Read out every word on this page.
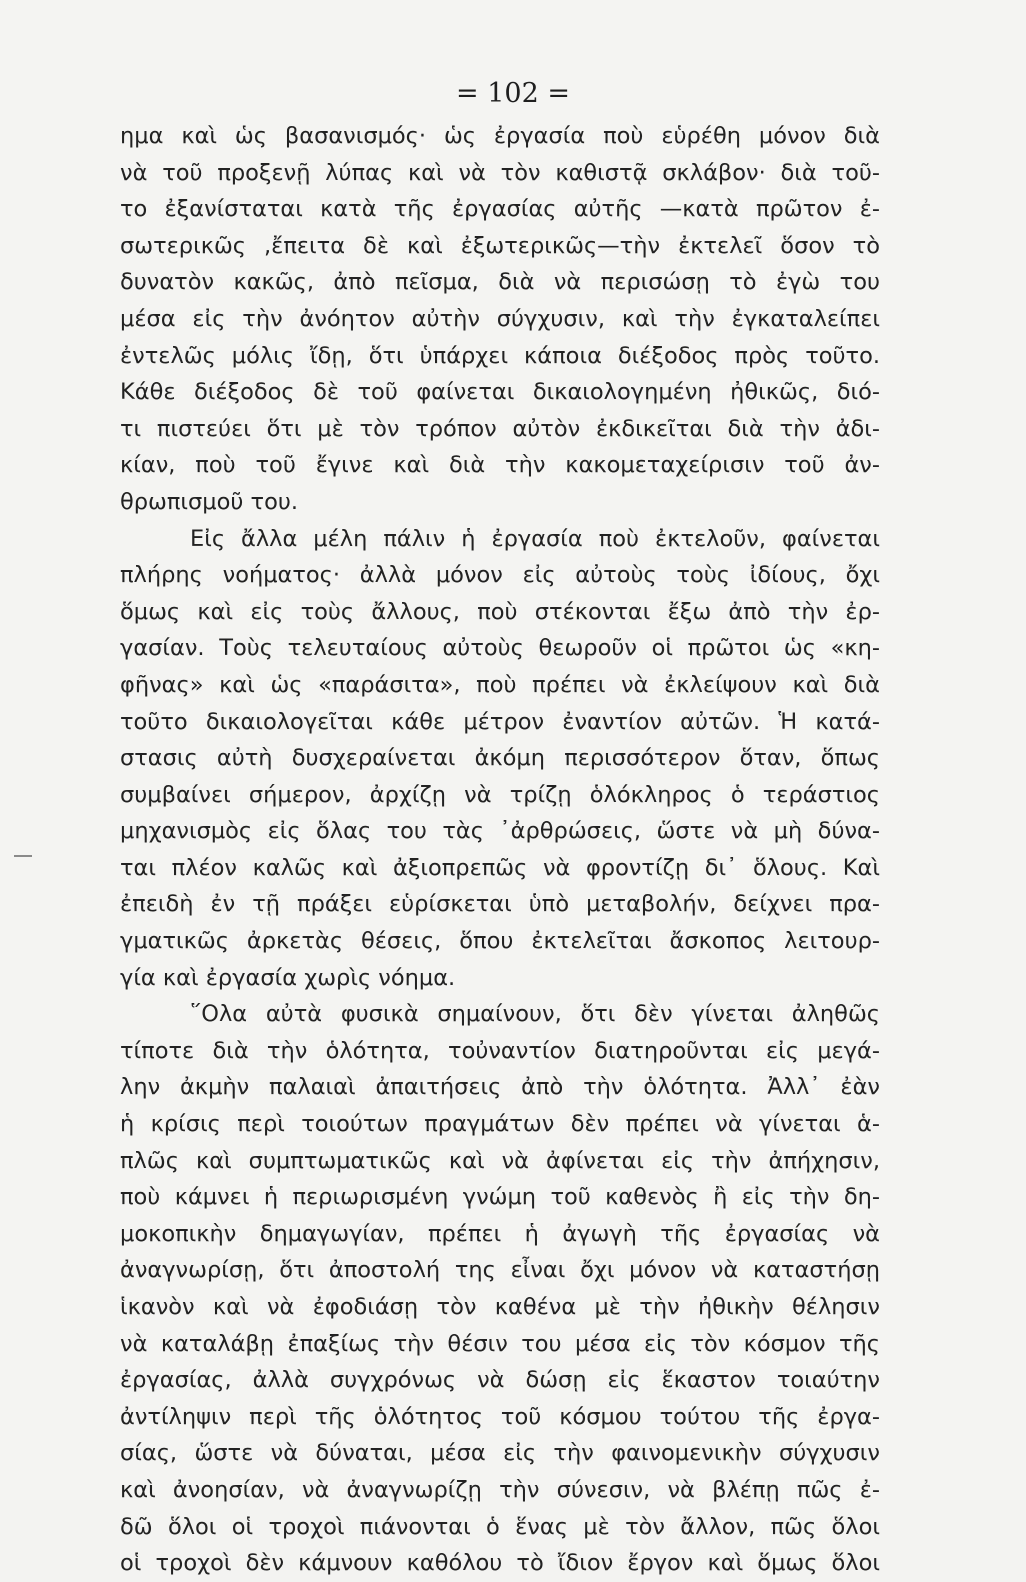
= 102 =
ημα καὶ ὡς βασανισμός· ὡς ἐργασία ποὺ εὑρέθη μόνον διὰ
νὰ τοῦ προξενῇ λύπας καὶ νὰ τὸν καθιστᾷ σκλάβον· διὰ τοῦ-
το ἐξανίσταται κατὰ τῆς ἐργασίας αὐτῆς —κατὰ πρῶτον ἐ-
σωτερικῶς ,ἔπειτα δὲ καὶ ἐξωτερικῶς—τὴν ἐκτελεῖ ὅσον τὸ
δυνατὸν κακῶς, ἀπὸ πεῖσμα, διὰ νὰ περισώσῃ τὸ ἐγὼ του
μέσα εἰς τὴν ἀνόητον αὐτὴν σύγχυσιν, καὶ τὴν ἐγκαταλείπει
ἐντελῶς μόλις ἴδῃ, ὅτι ὑπάρχει κάποια διέξοδος πρὸς τοῦτο.
Κάθε διέξοδος δὲ τοῦ φαίνεται δικαιολογημένη ἠθικῶς, διό-
τι πιστεύει ὅτι μὲ τὸν τρόπον αὐτὸν ἐκδικεῖται διὰ τὴν ἀδι-
κίαν, ποὺ τοῦ ἔγινε καὶ διὰ τὴν κακομεταχείρισιν τοῦ ἀν-
θρωπισμοῦ του.
Εἰς ἄλλα μέλη πάλιν ἡ ἐργασία ποὺ ἐκτελοῦν, φαίνεται
πλήρης νοήματος· ἀλλὰ μόνον εἰς αὐτοὺς τοὺς ἰδίους, ὄχι
ὅμως καὶ εἰς τοὺς ἄλλους, ποὺ στέκονται ἔξω ἀπὸ τὴν ἐρ-
γασίαν. Τοὺς τελευταίους αὐτοὺς θεωροῦν οἱ πρῶτοι ὡς «κη-
φῆνας» καὶ ὡς «παράσιτα», ποὺ πρέπει νὰ ἐκλείψουν καὶ διὰ
τοῦτο δικαιολογεῖται κάθε μέτρον ἐναντίον αὐτῶν. Ἡ κατά-
στασις αὐτὴ δυσχεραίνεται ἀκόμη περισσότερον ὅταν, ὅπως
συμβαίνει σήμερον, ἀρχίζῃ νὰ τρίζῃ ὁλόκληρος ὁ τεράστιος
μηχανισμὸς εἰς ὅλας του τὰς ᾽ἀρθρώσεις, ὥστε νὰ μὴ δύνα-
ται πλέον καλῶς καὶ ἀξιοπρεπῶς νὰ φροντίζῃ δι᾽ ὅλους. Καὶ
ἐπειδὴ ἐν τῇ πράξει εὑρίσκεται ὑπὸ μεταβολήν, δείχνει πρα-
γματικῶς ἀρκετὰς θέσεις, ὅπου ἐκτελεῖται ἄσκοπος λειτουρ-
γία καὶ ἐργασία χωρὶς νόημα.
῞Ολα αὐτὰ φυσικὰ σημαίνουν, ὅτι δὲν γίνεται ἀληθῶς
τίποτε διὰ τὴν ὁλότητα, τοὐναντίον διατηροῦνται εἰς μεγά-
λην ἀκμὴν παλαιαὶ ἀπαιτήσεις ἀπὸ τὴν ὁλότητα. Ἀλλ᾽ ἐὰν
ἡ κρίσις περὶ τοιούτων πραγμάτων δὲν πρέπει νὰ γίνεται ἁ-
πλῶς καὶ συμπτωματικῶς καὶ νὰ ἀφίνεται εἰς τὴν ἀπήχησιν,
ποὺ κάμνει ἡ περιωρισμένη γνώμη τοῦ καθενὸς ἢ εἰς τὴν δη-
μοκοπικὴν δημαγωγίαν, πρέπει ἡ ἀγωγὴ τῆς ἐργασίας νὰ
ἀναγνωρίσῃ, ὅτι ἀποστολή της εἶναι ὄχι μόνον νὰ καταστήσῃ
ἱκανὸν καὶ νὰ ἐφοδιάσῃ τὸν καθένα μὲ τὴν ἠθικὴν θέλησιν
νὰ καταλάβῃ ἐπαξίως τὴν θέσιν του μέσα εἰς τὸν κόσμον τῆς
ἐργασίας, ἀλλὰ συγχρόνως νὰ δώσῃ εἰς ἕκαστον τοιαύτην
ἀντίληψιν περὶ τῆς ὁλότητος τοῦ κόσμου τούτου τῆς ἐργα-
σίας, ὥστε νὰ δύναται, μέσα εἰς τὴν φαινομενικὴν σύγχυσιν
καὶ ἀνοησίαν, νὰ ἀναγνωρίζῃ τὴν σύνεσιν, νὰ βλέπῃ πῶς ἐ-
δῶ ὅλοι οἱ τροχοὶ πιάνονται ὁ ἕνας μὲ τὸν ἄλλον, πῶς ὅλοι
οἱ τροχοὶ δὲν κάμνουν καθόλου τὸ ἴδιον ἔργον καὶ ὅμως ὅλοι
